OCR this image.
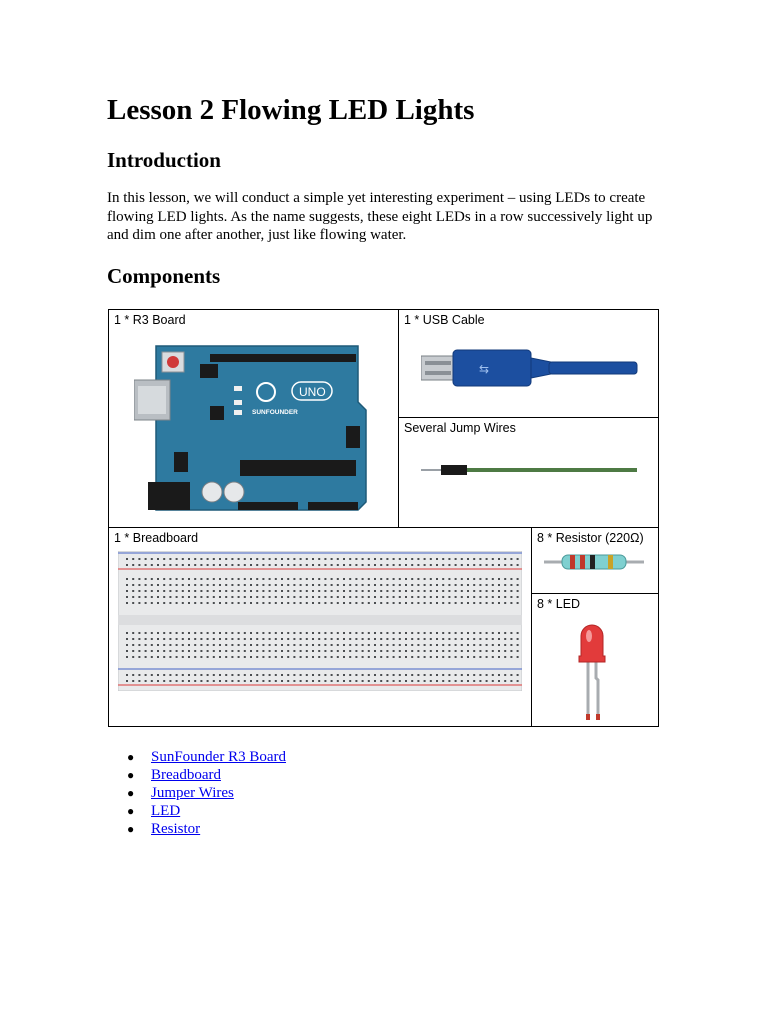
Lesson 2 Flowing LED Lights
Introduction

In this lesson, we will conduct a simple yet interesting experiment – using LEDs to create
flowing LED lights. As the name suggests, these eight LEDs in a row successively light up
and dim one after another, just like flowing water.

Components
1 * R3 Board
SUNFOUNDER
UNO
1 * USB Cable
⇆
Several Jump Wires
1 * Breadboard	8 * Resistor (220Ω)
8 * LED
● SunFounder R3 Board
● Breadboard
● Jumper Wires
● LED
● Resistor
